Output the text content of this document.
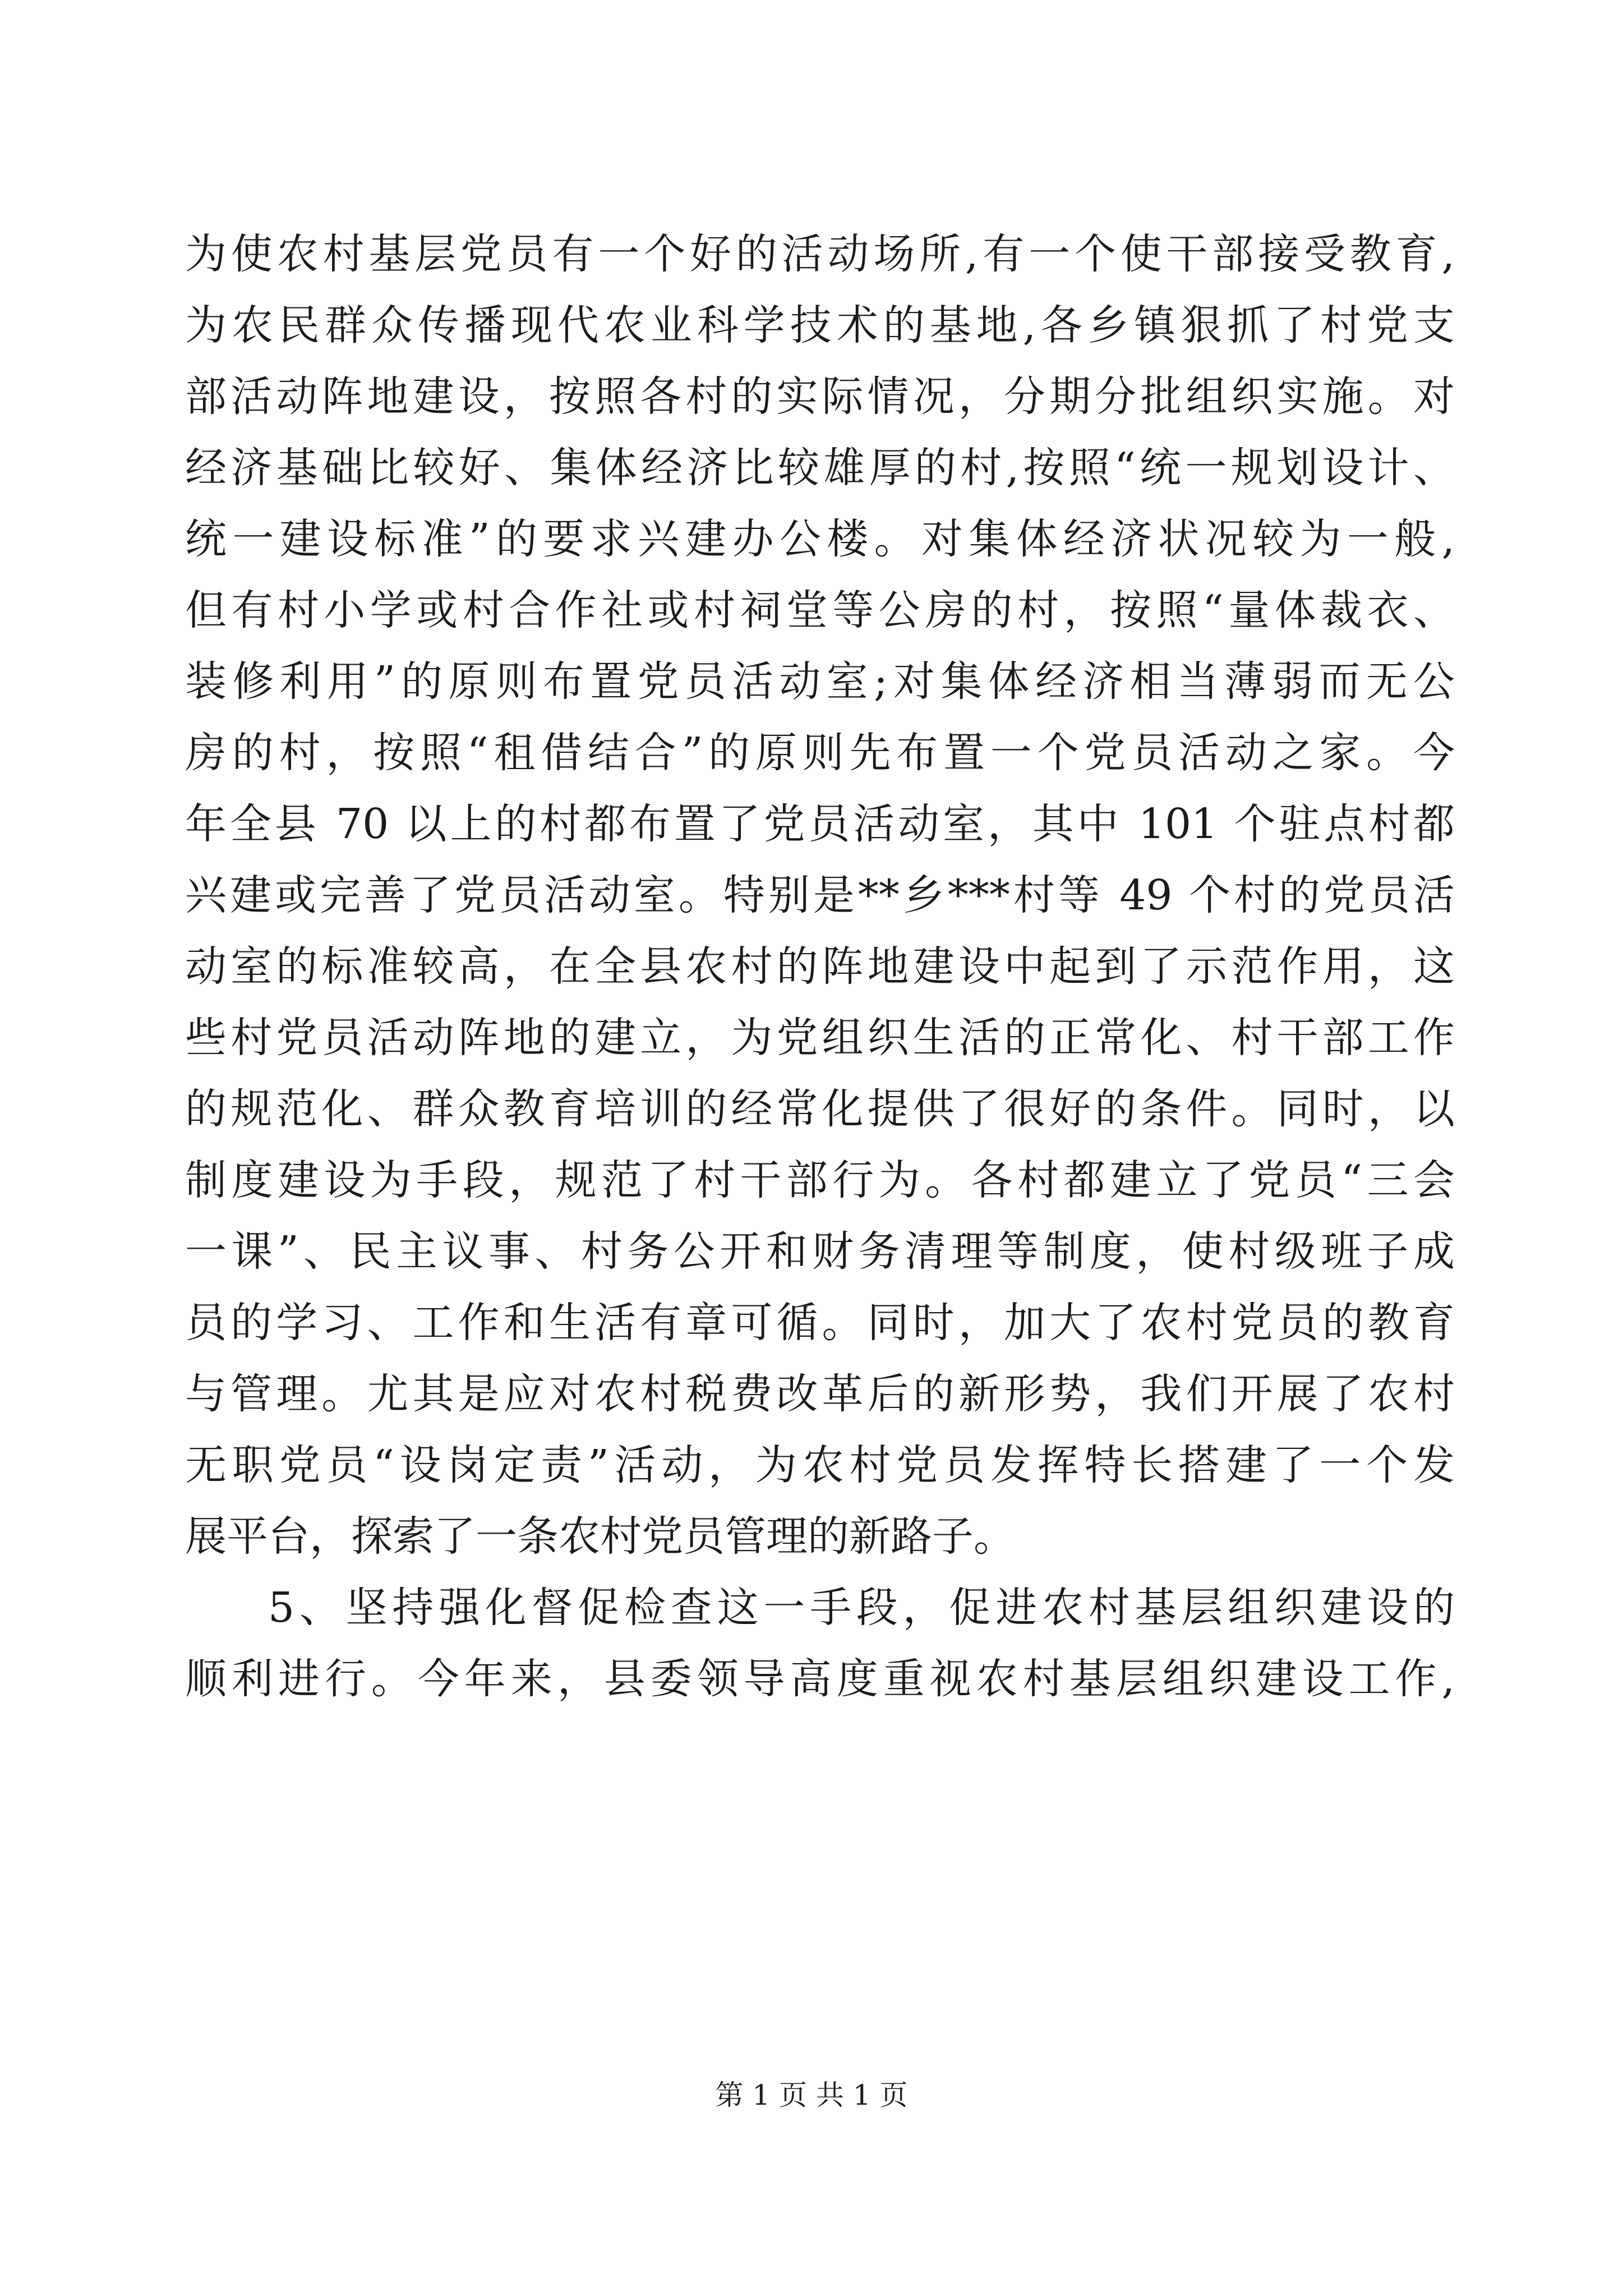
为使农村基层党员有一个好的活动场所,有一个使干部接受教育,
为农民群众传播现代农业科学技术的基地,各乡镇狠抓了村党支
部活动阵地建设，按照各村的实际情况，分期分批组织实施。对
经济基础比较好、集体经济比较雄厚的村,按照“统一规划设计、
统一建设标准”的要求兴建办公楼。对集体经济状况较为一般,
但有村小学或村合作社或村祠堂等公房的村，按照“量体裁衣、
装修利用”的原则布置党员活动室;对集体经济相当薄弱而无公
房的村，按照“租借结合”的原则先布置一个党员活动之家。今
年全县 70 以上的村都布置了党员活动室，其中 101 个驻点村都
兴建或完善了党员活动室。特别是**乡***村等 49 个村的党员活
动室的标准较高，在全县农村的阵地建设中起到了示范作用，这
些村党员活动阵地的建立，为党组织生活的正常化、村干部工作
的规范化、群众教育培训的经常化提供了很好的条件。同时，以
制度建设为手段，规范了村干部行为。各村都建立了党员“三会
一课”、民主议事、村务公开和财务清理等制度，使村级班子成
员的学习、工作和生活有章可循。同时，加大了农村党员的教育
与管理。尤其是应对农村税费改革后的新形势，我们开展了农村
无职党员“设岗定责”活动，为农村党员发挥特长搭建了一个发
展平台，探索了一条农村党员管理的新路子。
5、坚持强化督促检查这一手段，促进农村基层组织建设的
顺利进行。今年来，县委领导高度重视农村基层组织建设工作,
第 1 页 共 1 页
